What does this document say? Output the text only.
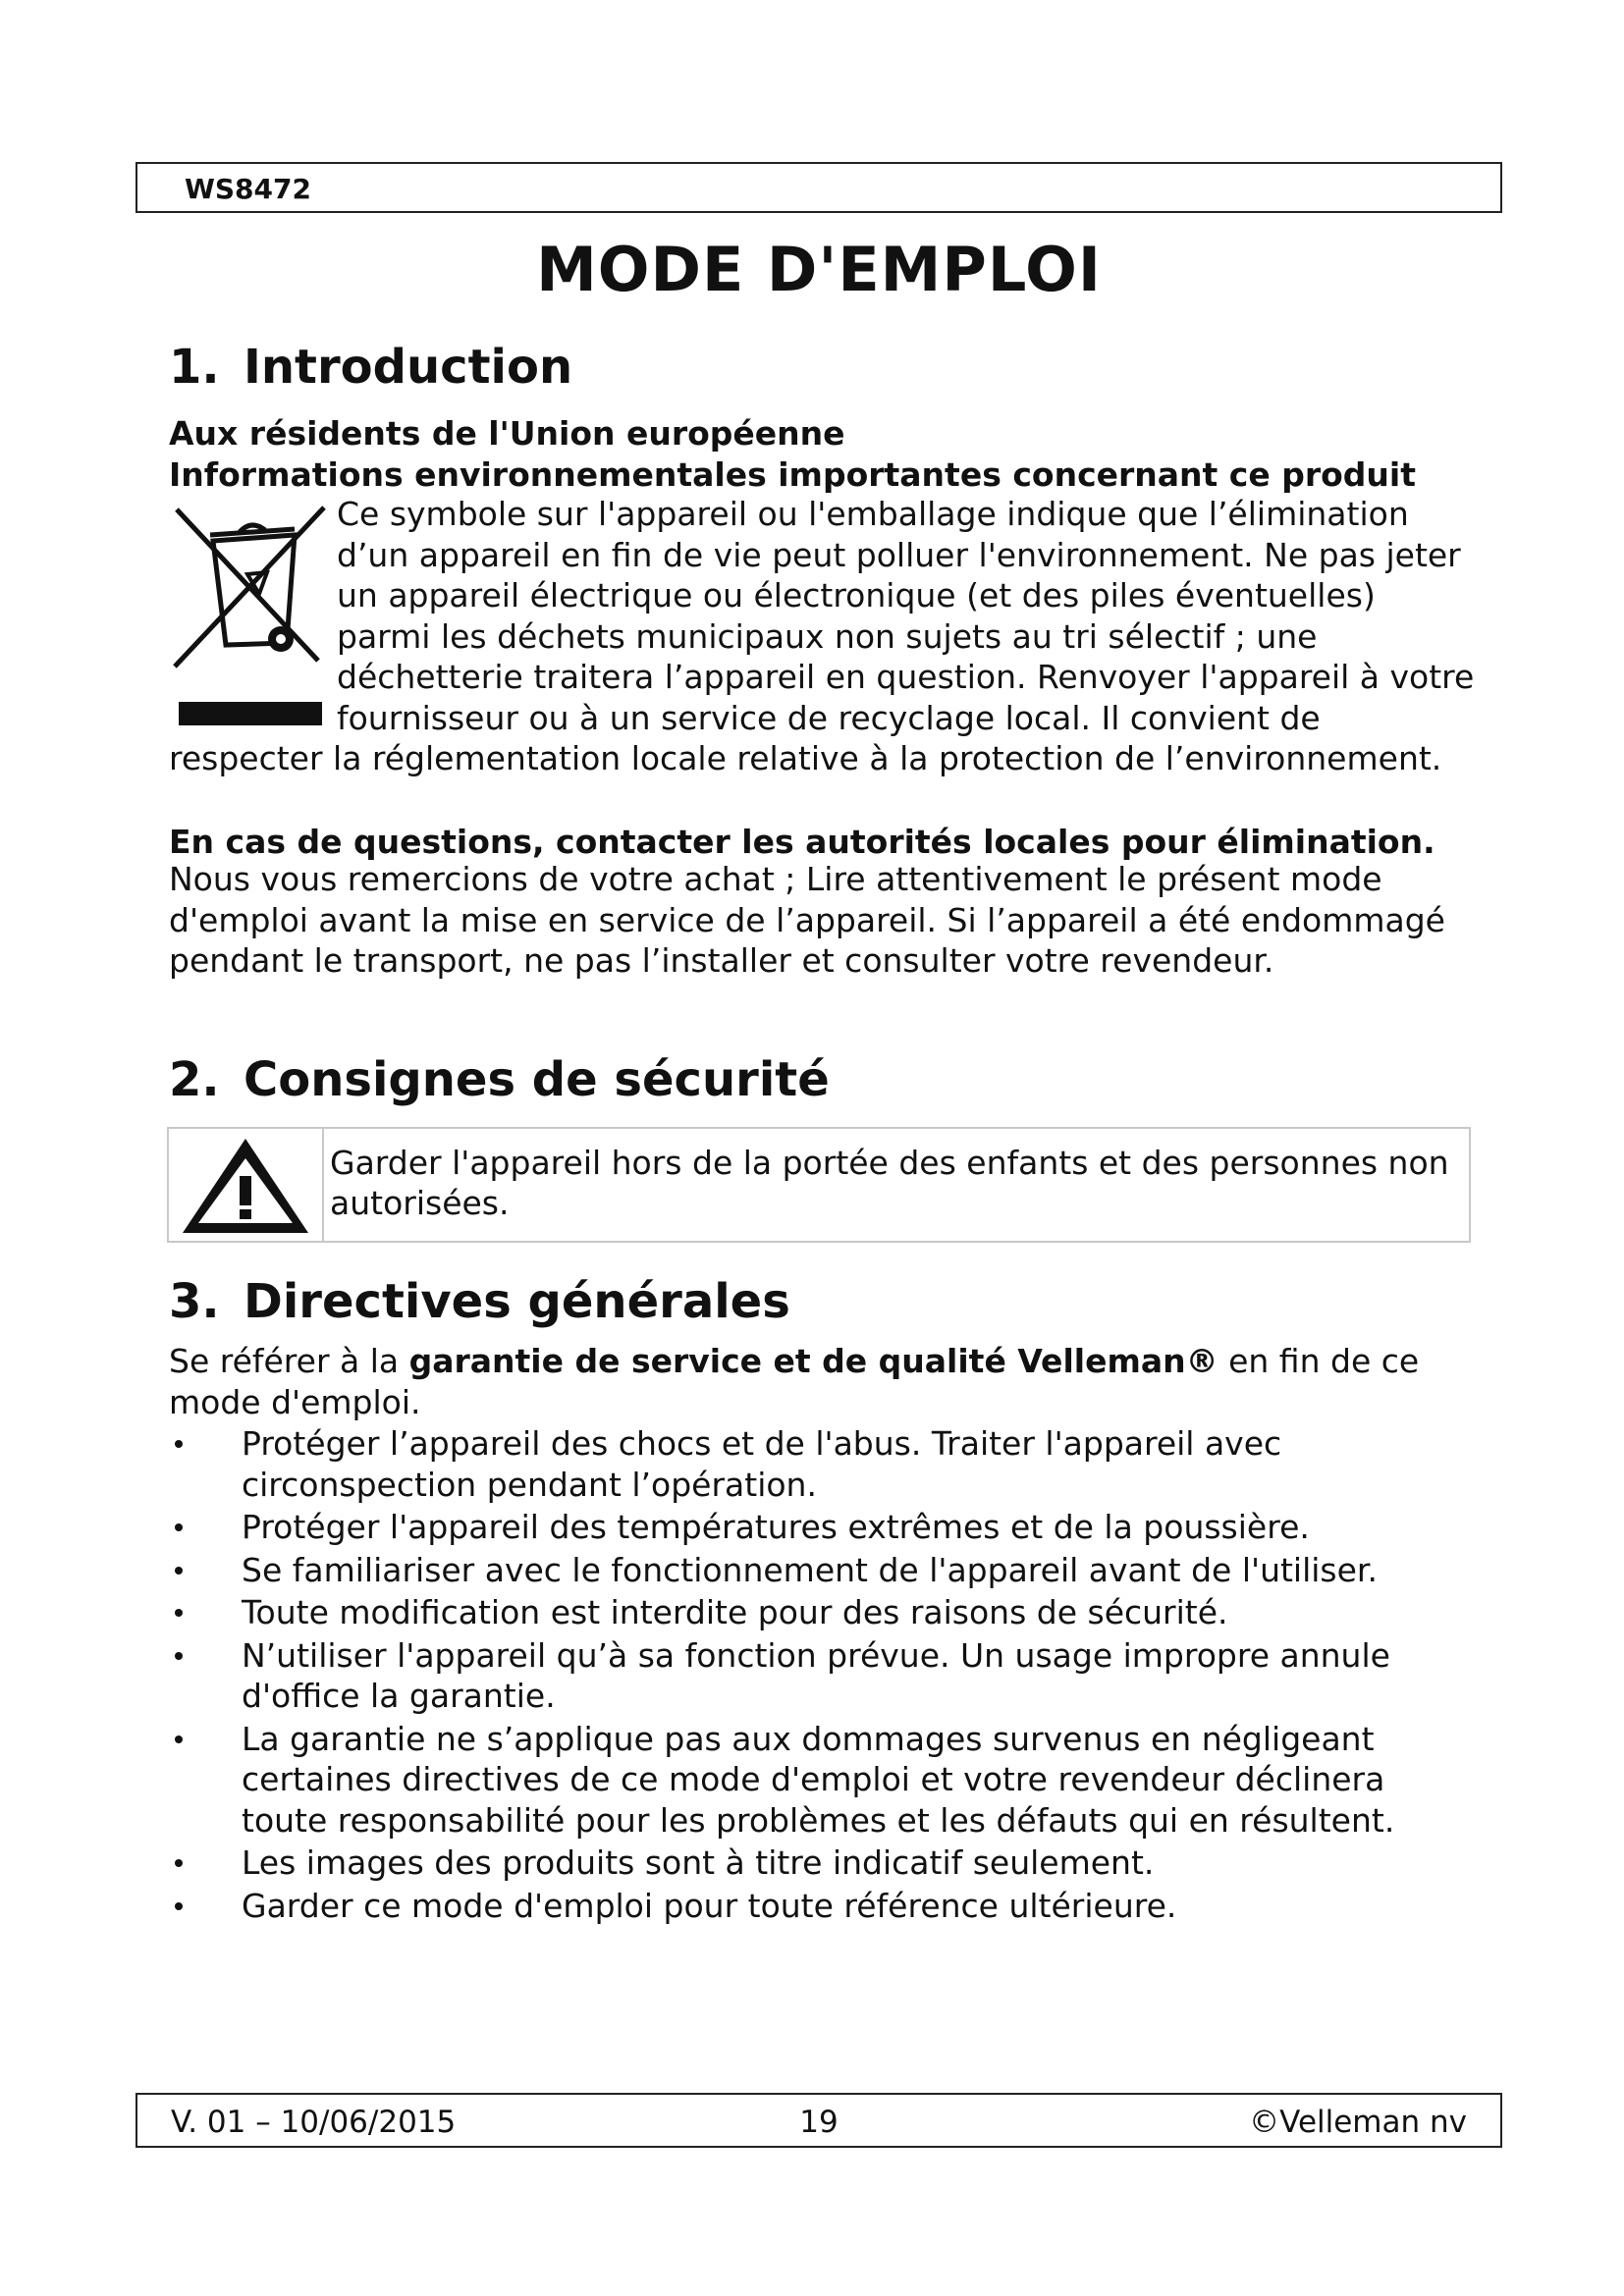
WS8472
MODE D'EMPLOI
1. Introduction
Aux résidents de l'Union européenne
Informations environnementales importantes concernant ce produit

Ce symbole sur l'appareil ou l'emballage indique que l’élimination d’un appareil en fin de vie peut polluer l'environnement. Ne pas jeter un appareil électrique ou électronique (et des piles éventuelles) parmi les déchets municipaux non sujets au tri sélectif ; une déchetterie traitera l’appareil en question. Renvoyer l'appareil à votre fournisseur ou à un service de recyclage local. Il convient de respecter la réglementation locale relative à la protection de l’environnement.
En cas de questions, contacter les autorités locales pour élimination.

Nous vous remercions de votre achat ; Lire attentivement le présent mode d'emploi avant la mise en service de l’appareil. Si l’appareil a été endommagé pendant le transport, ne pas l’installer et consulter votre revendeur.

2. Consignes de sécurité

Garder l'appareil hors de la portée des enfants et des personnes non autorisées.

3. Directives générales

Se référer à la garantie de service et de qualité Velleman® en fin de ce mode d'emploi.

Protéger l’appareil des chocs et de l'abus. Traiter l'appareil avec circonspection pendant l’opération.
Protéger l'appareil des températures extrêmes et de la poussière.
Se familiariser avec le fonctionnement de l'appareil avant de l'utiliser.
Toute modification est interdite pour des raisons de sécurité.
N’utiliser l'appareil qu’à sa fonction prévue. Un usage impropre annule d'office la garantie.
La garantie ne s’applique pas aux dommages survenus en négligeant certaines directives de ce mode d'emploi et votre revendeur déclinera toute responsabilité pour les problèmes et les défauts qui en résultent.
Les images des produits sont à titre indicatif seulement.
Garder ce mode d'emploi pour toute référence ultérieure.
V. 01 – 10/06/2015	19	©Velleman nv
